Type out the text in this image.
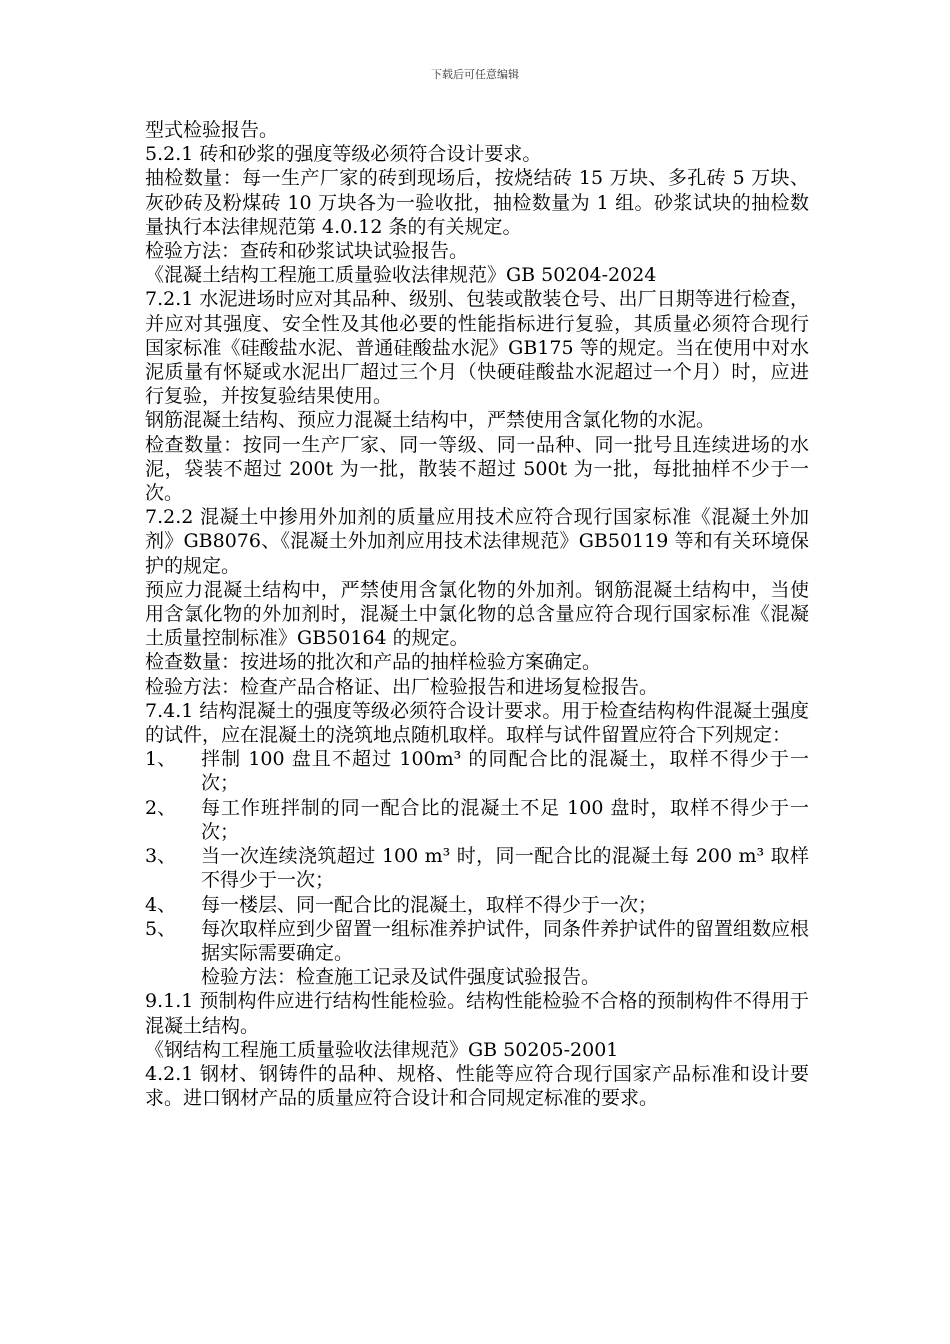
下载后可任意编辑

型式检验报告。

5.2.1 砖和砂浆的强度等级必须符合设计要求。

抽检数量：每一生产厂家的砖到现场后，按烧结砖 15 万块、多孔砖 5 万块、灰砂砖及粉煤砖 10 万块各为一验收批，抽检数量为 1 组。砂浆试块的抽检数量执行本法律规范第 4.0.12 条的有关规定。

检验方法：查砖和砂浆试块试验报告。

《混凝土结构工程施工质量验收法律规范》GB 50204-2024

7.2.1 水泥进场时应对其品种、级别、包装或散装仓号、出厂日期等进行检查，并应对其强度、安全性及其他必要的性能指标进行复验，其质量必须符合现行国家标准《硅酸盐水泥、普通硅酸盐水泥》GB175 等的规定。当在使用中对水泥质量有怀疑或水泥出厂超过三个月（快硬硅酸盐水泥超过一个月）时，应进行复验，并按复验结果使用。

钢筋混凝土结构、预应力混凝土结构中，严禁使用含氯化物的水泥。

检查数量：按同一生产厂家、同一等级、同一品种、同一批号且连续进场的水泥，袋装不超过 200t 为一批，散装不超过 500t 为一批，每批抽样不少于一次。

7.2.2 混凝土中掺用外加剂的质量应用技术应符合现行国家标准《混凝土外加剂》GB8076、《混凝土外加剂应用技术法律规范》GB50119 等和有关环境保护的规定。

预应力混凝土结构中，严禁使用含氯化物的外加剂。钢筋混凝土结构中，当使用含氯化物的外加剂时，混凝土中氯化物的总含量应符合现行国家标准《混凝土质量控制标准》GB50164 的规定。

检查数量：按进场的批次和产品的抽样检验方案确定。

检验方法：检查产品合格证、出厂检验报告和进场复检报告。

7.4.1 结构混凝土的强度等级必须符合设计要求。用于检查结构构件混凝土强度的试件，应在混凝土的浇筑地点随机取样。取样与试件留置应符合下列规定：

1、	拌制 100 盘且不超过 100m³ 的同配合比的混凝土，取样不得少于一次；
2、	每工作班拌制的同一配合比的混凝土不足 100 盘时，取样不得少于一次；
3、	当一次连续浇筑超过 100 m³ 时，同一配合比的混凝土每 200 m³ 取样不得少于一次；
4、	每一楼层、同一配合比的混凝土，取样不得少于一次；
5、	每次取样应到少留置一组标准养护试件，同条件养护试件的留置组数应根据实际需要确定。

检验方法：检查施工记录及试件强度试验报告。

9.1.1 预制构件应进行结构性能检验。结构性能检验不合格的预制构件不得用于混凝土结构。

《钢结构工程施工质量验收法律规范》GB 50205-2001

4.2.1 钢材、钢铸件的品种、规格、性能等应符合现行国家产品标准和设计要求。进口钢材产品的质量应符合设计和合同规定标准的要求。
